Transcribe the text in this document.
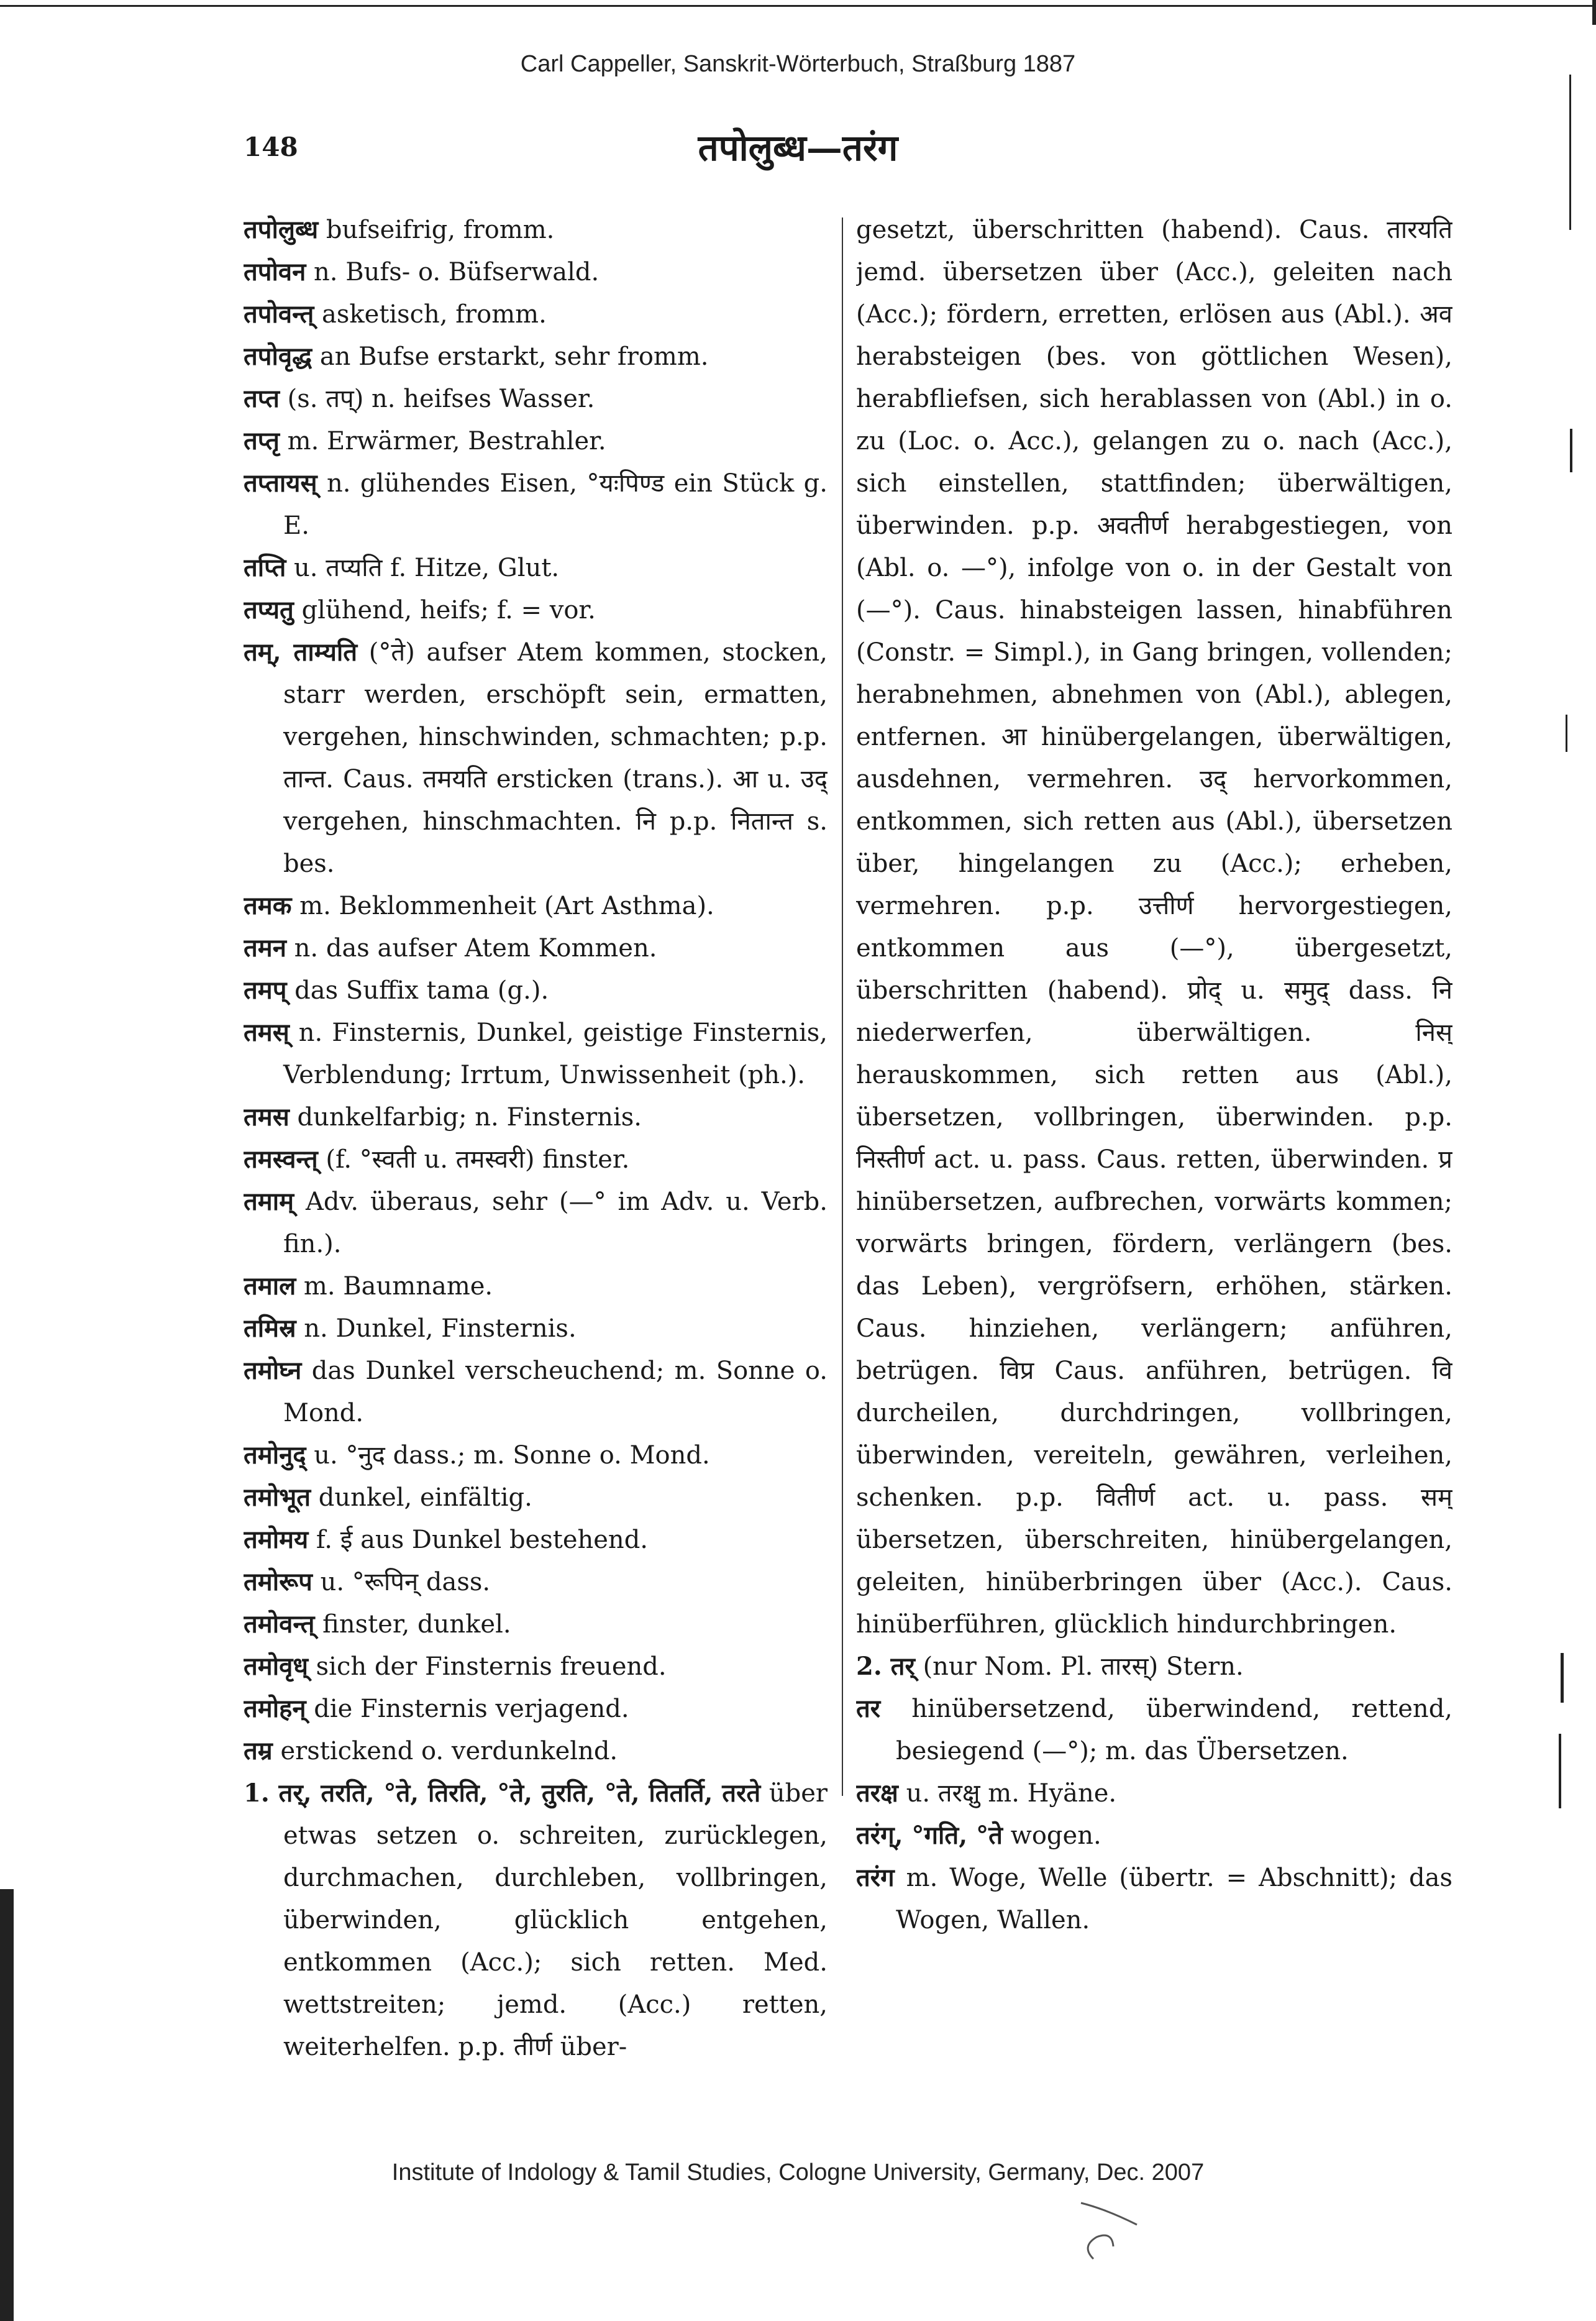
Carl Cappeller, Sanskrit-Wörterbuch, Straßburg 1887
148	तपोलुब्ध—तरंग

तपोलुब्ध bufseifrig, fromm.

तपोवन n. Bufs- o. Büfserwald.

तपोवन्त् asketisch, fromm.

तपोवृद्ध an Bufse erstarkt, sehr fromm.

तप्त (s. तप्) n. heifses Wasser.

तप्तृ m. Erwärmer, Bestrahler.

तप्तायस् n. glühendes Eisen, °यःपिण्ड ein Stück g. E.

तप्ति u. तप्यति f. Hitze, Glut.

तप्यतु glühend, heifs; f. = vor.

तम्, ताम्यति (°ते) aufser Atem kommen, stocken, starr werden, erschöpft sein, ermatten, vergehen, hinschwinden, schmachten; p.p. तान्त. Caus. तमयति ersticken (trans.). आ u. उद् vergehen, hinschmachten. नि p.p. नितान्त s. bes.

तमक m. Beklommenheit (Art Asthma).

तमन n. das aufser Atem Kommen.

तमप् das Suffix tama (g.).

तमस् n. Finsternis, Dunkel, geistige Finsternis, Verblendung; Irrtum, Unwissenheit (ph.).

तमस dunkelfarbig; n. Finsternis.

तमस्वन्त् (f. °स्वती u. तमस्वरी) finster.

तमाम् Adv. überaus, sehr (—° im Adv. u. Verb. fin.).

तमाल m. Baumname.

तमिस्र n. Dunkel, Finsternis.

तमोघ्न das Dunkel verscheuchend; m. Sonne o. Mond.

तमोनुद् u. °नुद dass.; m. Sonne o. Mond.

तमोभूत dunkel, einfältig.

तमोमय f. ई aus Dunkel bestehend.

तमोरूप u. °रूपिन् dass.

तमोवन्त् finster, dunkel.

तमोवृध् sich der Finsternis freuend.

तमोहन् die Finsternis verjagend.

तम्र erstickend o. verdunkelnd.

1. तर्, तरति, °ते, तिरति, °ते, तुरति, °ते, तितर्ति, तरते über etwas setzen o. schreiten, zurücklegen, durchmachen, durchleben, vollbringen, überwinden, glücklich entgehen, entkommen (Acc.); sich retten. Med. wettstreiten; jemd. (Acc.) retten, weiterhelfen. p.p. तीर्ण über-

gesetzt, überschritten (habend). Caus. तारयति jemd. übersetzen über (Acc.), geleiten nach (Acc.); fördern, erretten, erlösen aus (Abl.). अव herabsteigen (bes. von göttlichen Wesen), herabfliefsen, sich herablassen von (Abl.) in o. zu (Loc. o. Acc.), gelangen zu o. nach (Acc.), sich einstellen, stattfinden; überwältigen, überwinden. p.p. अवतीर्ण herabgestiegen, von (Abl. o. —°), infolge von o. in der Gestalt von (—°). Caus. hinabsteigen lassen, hinabführen (Constr. = Simpl.), in Gang bringen, vollenden; herabnehmen, abnehmen von (Abl.), ablegen, entfernen. आ hinübergelangen, überwältigen, ausdehnen, vermehren. उद् hervorkommen, entkommen, sich retten aus (Abl.), übersetzen über, hingelangen zu (Acc.); erheben, vermehren. p.p. उत्तीर्ण hervorgestiegen, entkommen aus (—°), übergesetzt, überschritten (habend). प्रोद् u. समुद् dass. नि niederwerfen, überwältigen. निस् herauskommen, sich retten aus (Abl.), übersetzen, vollbringen, überwinden. p.p. निस्तीर्ण act. u. pass. Caus. retten, überwinden. प्र hinübersetzen, aufbrechen, vorwärts kommen; vorwärts bringen, fördern, verlängern (bes. das Leben), vergröfsern, erhöhen, stärken. Caus. hinziehen, verlängern; anführen, betrügen. विप्र Caus. anführen, betrügen. वि durcheilen, durchdringen, vollbringen, überwinden, vereiteln, gewähren, verleihen, schenken. p.p. वितीर्ण act. u. pass. सम् übersetzen, überschreiten, hinübergelangen, geleiten, hinüberbringen über (Acc.). Caus. hinüberführen, glücklich hindurchbringen.

2. तर् (nur Nom. Pl. तारस्) Stern.

तर hinübersetzend, überwindend, rettend, besiegend (—°); m. das Übersetzen.

तरक्ष u. तरक्षु m. Hyäne.

तरंग्, °गति, °ते wogen.

तरंग m. Woge, Welle (übertr. = Abschnitt); das Wogen, Wallen.

Institute of Indology & Tamil Studies, Cologne University, Germany, Dec. 2007
